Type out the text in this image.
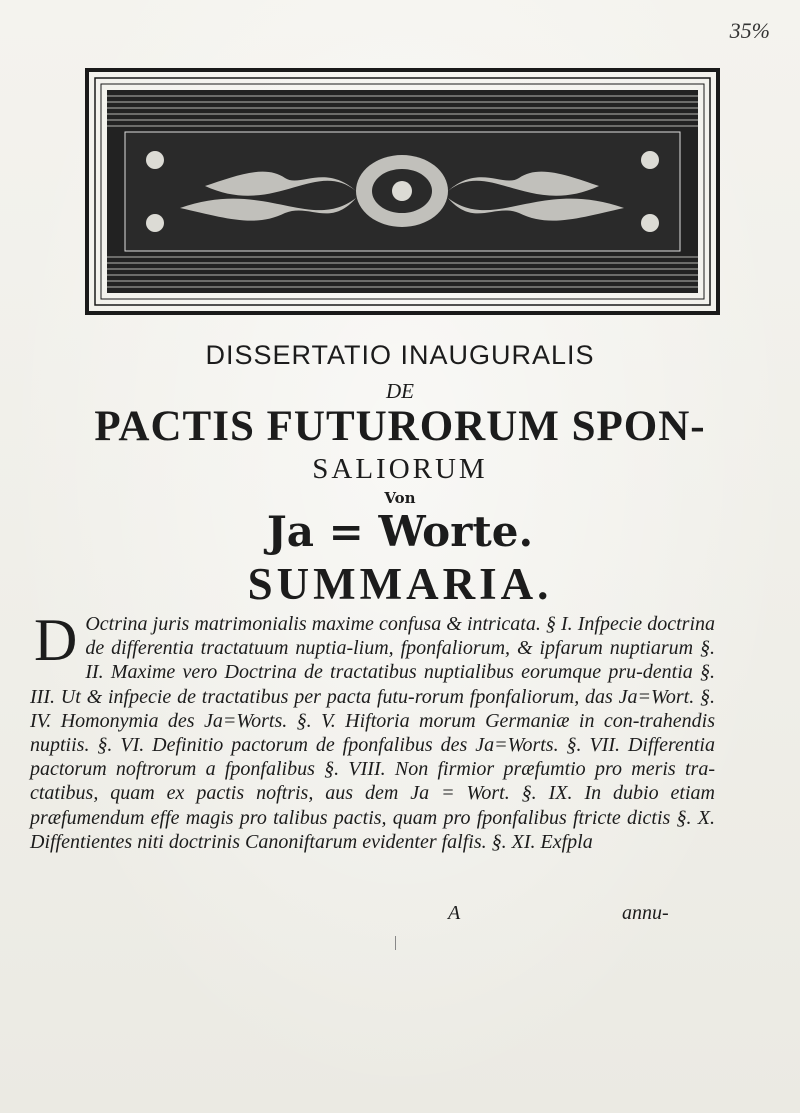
35%
DISSERTATIO INAUGURALIS
DE
PACTIS FUTURORUM SPON-
SALIORUM
Von
Ja = Worte.
SUMMARIA.
D Octrina juris matrimonialis maxime confusa & intricata. § I. Infpecie doctrina de differentia tractatuum nuptia-lium, fponfaliorum, & ipfarum nuptiarum §. II. Maxime vero Doctrina de tractatibus nuptialibus eorumque pru-dentia §. III. Ut & infpecie de tractatibus per pacta futu-rorum fponfaliorum, das Ja=Wort. §. IV. Homonymia des Ja=Worts. §. V. Hiftoria morum Germaniæ in con-trahendis nuptiis. §. VI. Definitio pactorum de fponfalibus des Ja=Worts. §. VII. Differentia pactorum noftrorum a fponfalibus §. VIII. Non firmior præfumtio pro meris tra-ctatibus, quam ex pactis noftris, aus dem Ja = Wort. §. IX. In dubio etiam præfumendum effe magis pro talibus pactis, quam pro fponfalibus ftricte dictis §. X. Diffentientes niti doctrinis Canoniftarum evidenter falfis. §. XI. Exfpla
A	annu-
